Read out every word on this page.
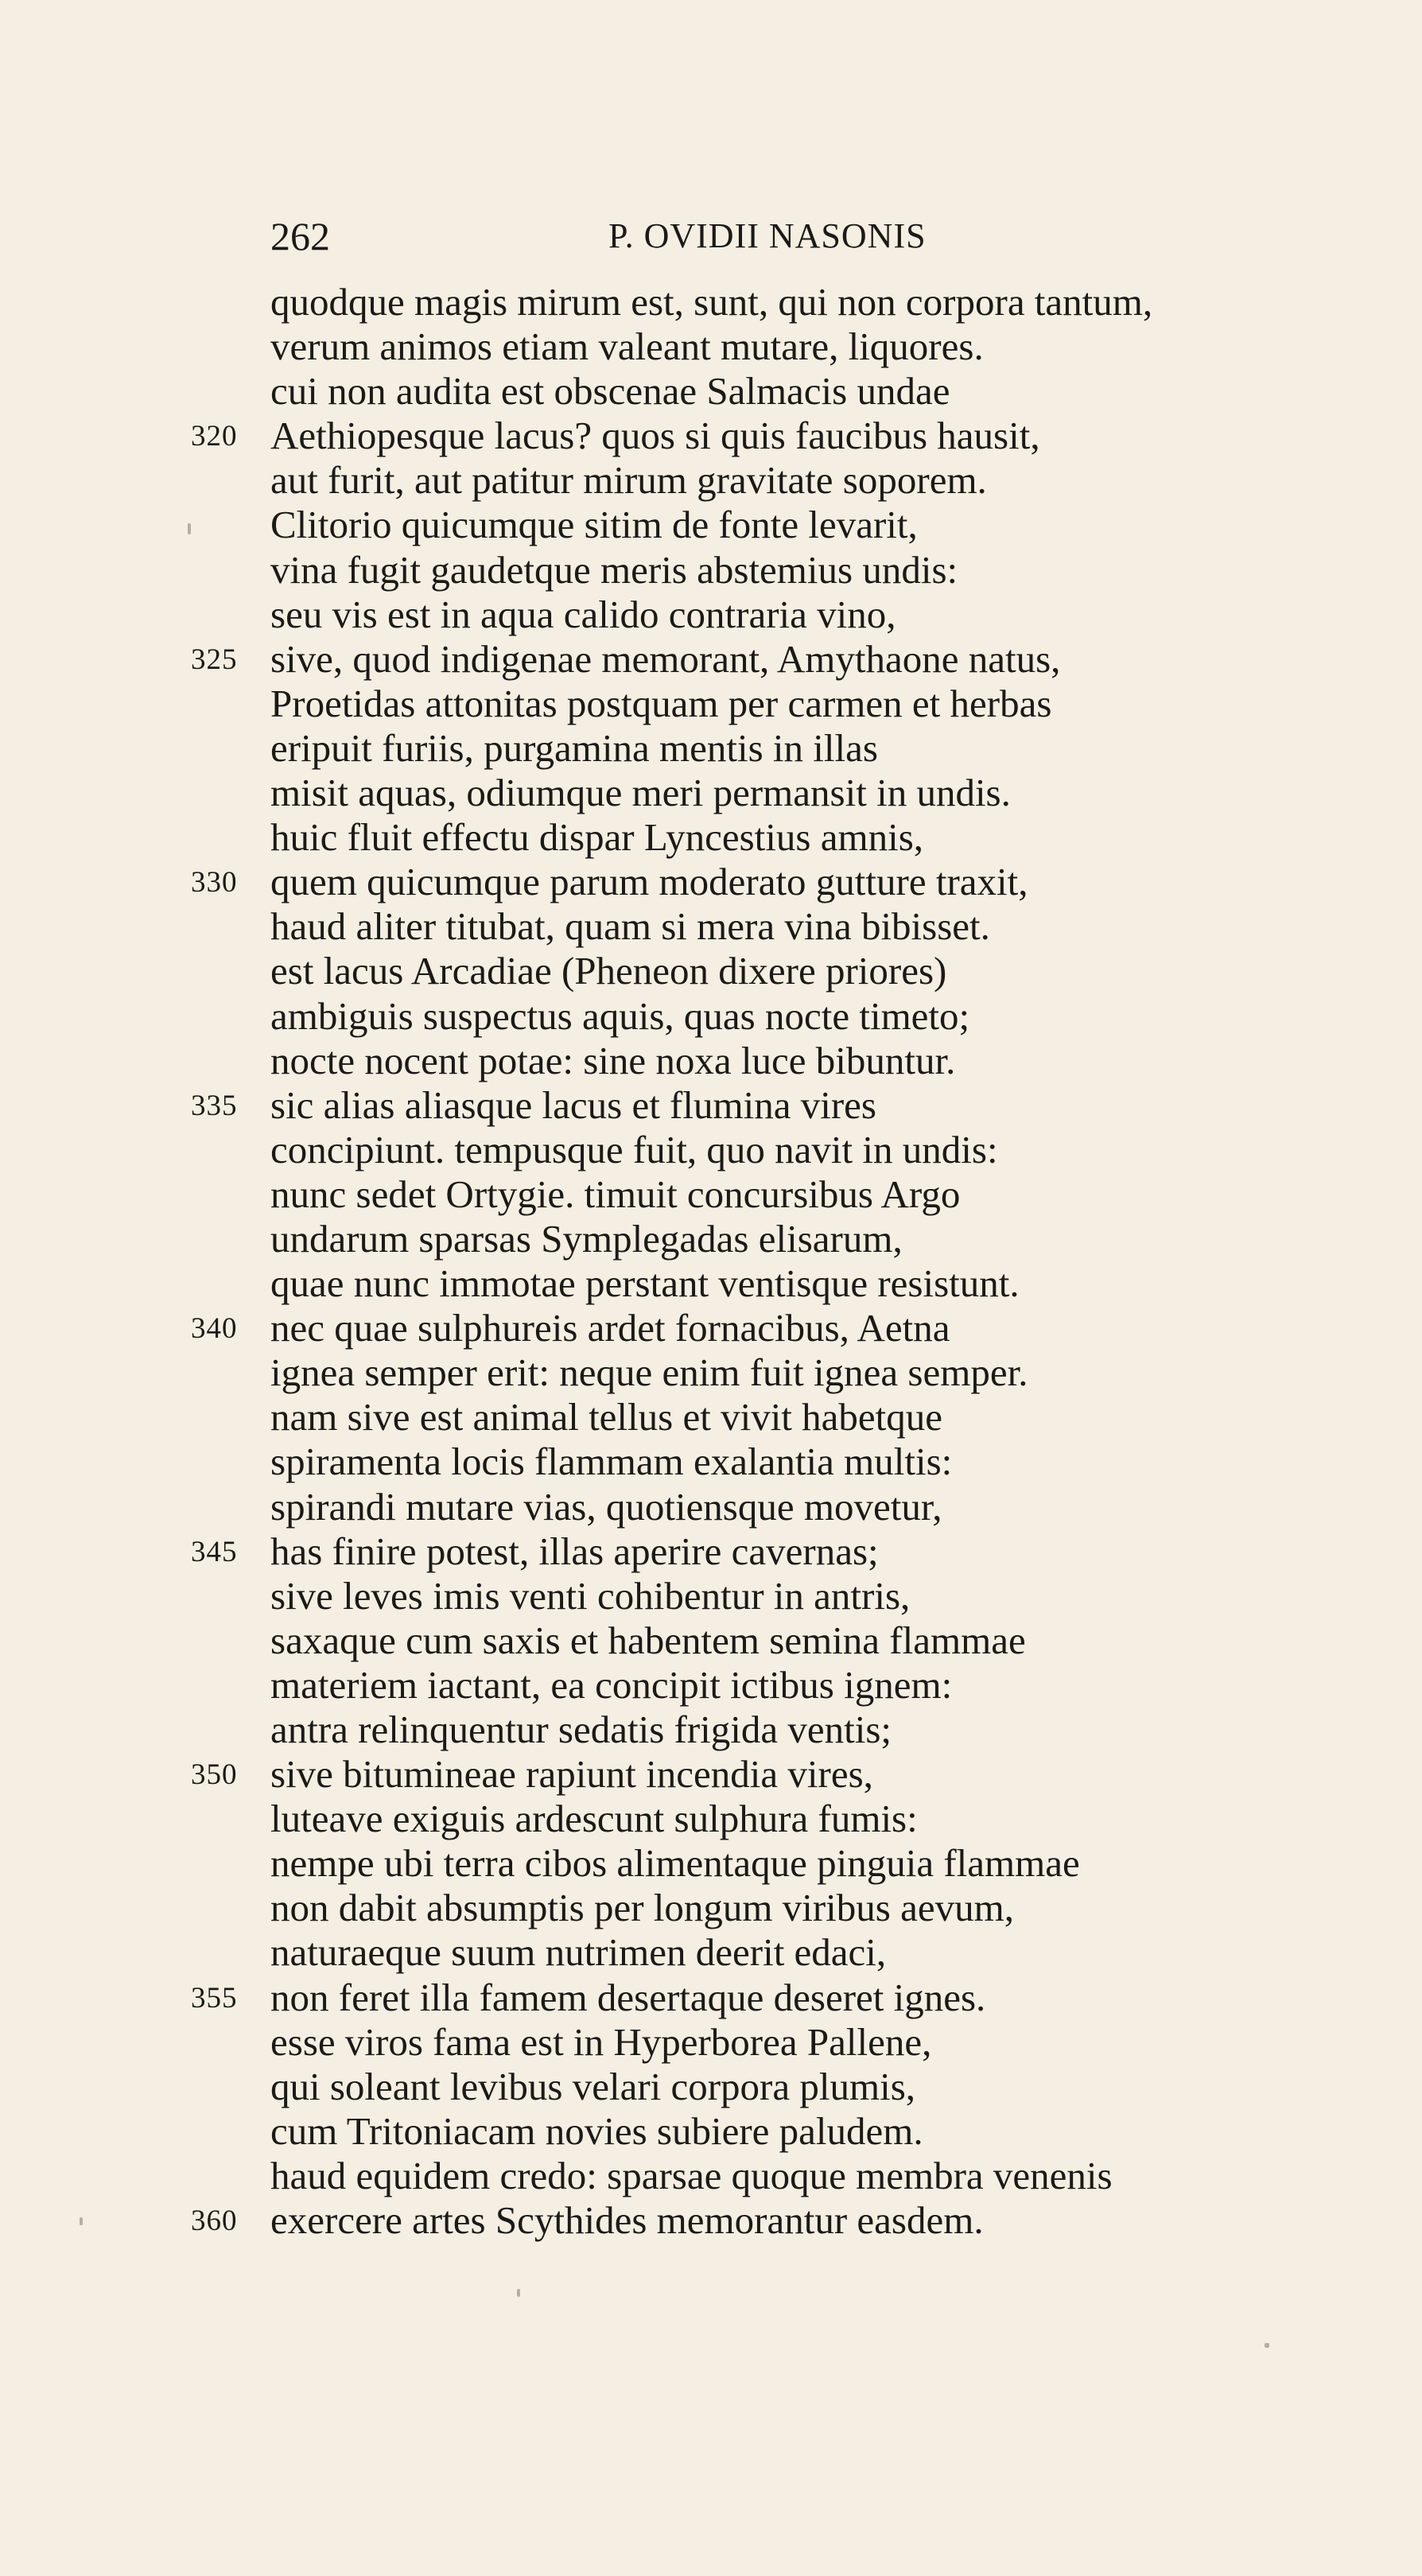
262	P. OVIDII NASONIS
quodque magis mirum est, sunt, qui non corpora tantum,
verum animos etiam valeant mutare, liquores.
cui non audita est obscenae Salmacis undae
320 Aethiopesque lacus? quos si quis faucibus hausit,
aut furit, aut patitur mirum gravitate soporem.
Clitorio quicumque sitim de fonte levarit,
vina fugit gaudetque meris abstemius undis:
seu vis est in aqua calido contraria vino,
325 sive, quod indigenae memorant, Amythaone natus,
Proetidas attonitas postquam per carmen et herbas
eripuit furiis, purgamina mentis in illas
misit aquas, odiumque meri permansit in undis.
huic fluit effectu dispar Lyncestius amnis,
330 quem quicumque parum moderato gutture traxit,
haud aliter titubat, quam si mera vina bibisset.
est lacus Arcadiae (Pheneon dixere priores)
ambiguis suspectus aquis, quas nocte timeto;
nocte nocent potae: sine noxa luce bibuntur.
335 sic alias aliasque lacus et flumina vires
concipiunt. tempusque fuit, quo navit in undis:
nunc sedet Ortygie. timuit concursibus Argo
undarum sparsas Symplegadas elisarum,
quae nunc immotae perstant ventisque resistunt.
340 nec quae sulphureis ardet fornacibus, Aetna
ignea semper erit: neque enim fuit ignea semper.
nam sive est animal tellus et vivit habetque
spiramenta locis flammam exalantia multis:
spirandi mutare vias, quotiensque movetur,
345 has finire potest, illas aperire cavernas;
sive leves imis venti cohibentur in antris,
saxaque cum saxis et habentem semina flammae
materiem iactant, ea concipit ictibus ignem:
antra relinquentur sedatis frigida ventis;
350 sive bitumineae rapiunt incendia vires,
luteave exiguis ardescunt sulphura fumis:
nempe ubi terra cibos alimentaque pinguia flammae
non dabit absumptis per longum viribus aevum,
naturaeque suum nutrimen deerit edaci,
355 non feret illa famem desertaque deseret ignes.
esse viros fama est in Hyperborea Pallene,
qui soleant levibus velari corpora plumis,
cum Tritoniacam novies subiere paludem.
haud equidem credo: sparsae quoque membra venenis
360 exercere artes Scythides memorantur easdem.
